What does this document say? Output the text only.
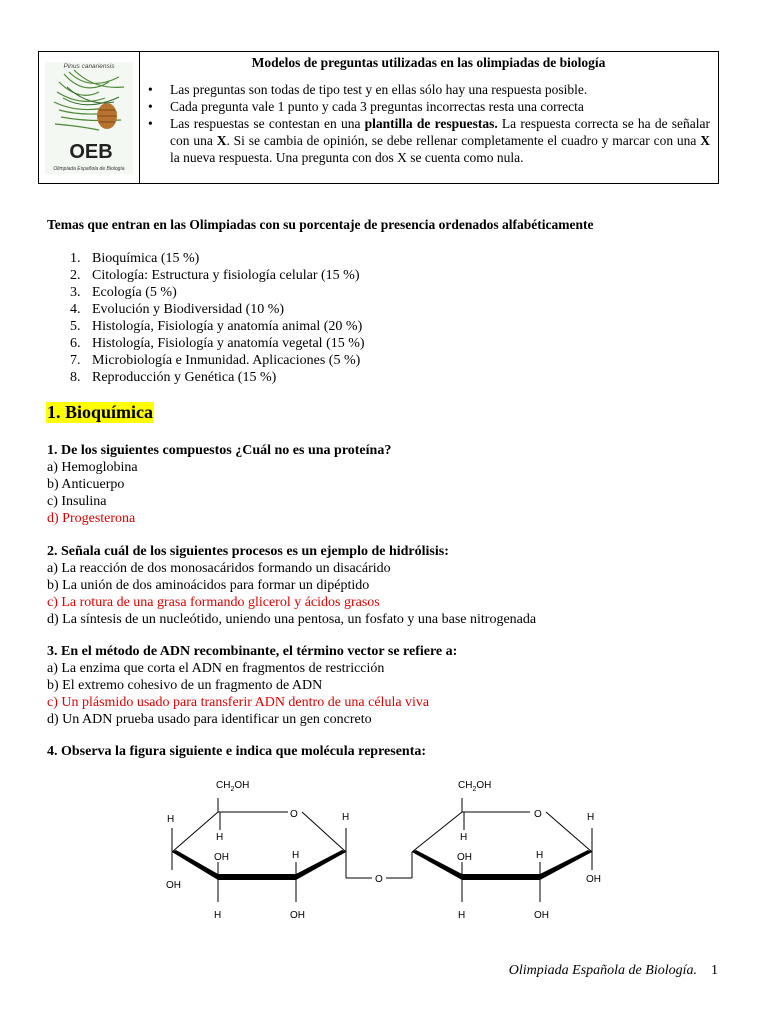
Pinus canariensis
OEB
Olimpiada Española de Biología
Modelos de preguntas utilizadas en las olimpiadas de biología
• Las preguntas son todas de tipo test y en ellas sólo hay una respuesta posible.
• Cada pregunta vale 1 punto y cada 3 preguntas incorrectas resta una correcta
• Las respuestas se contestan en una plantilla de respuestas. La respuesta correcta se ha de señalar con una X. Si se cambia de opinión, se debe rellenar completamente el cuadro y marcar con una X la nueva respuesta. Una pregunta con dos X se cuenta como nula.
Temas que entran en las Olimpiadas con su porcentaje de presencia ordenados alfabéticamente
1. Bioquímica (15 %)
2. Citología: Estructura y fisiología celular (15 %)
3. Ecología (5 %)
4. Evolución y Biodiversidad (10 %)
5. Histología, Fisiología y anatomía animal (20 %)
6. Histología, Fisiología y anatomía vegetal (15 %)
7. Microbiología e Inmunidad. Aplicaciones (5 %)
8. Reproducción y Genética (15 %)
1. Bioquímica
1. De los siguientes compuestos ¿Cuál no es una proteína?
a) Hemoglobina
b) Anticuerpo
c) Insulina
d) Progesterona
2. Señala cuál de los siguientes procesos es un ejemplo de hidrólisis:
a) La reacción de dos monosacáridos formando un disacárido
b) La unión de dos aminoácidos para formar un dipéptido
c) La rotura de una grasa formando glicerol y ácidos grasos
d) La síntesis de un nucleótido, uniendo una pentosa, un fosfato y una base nitrogenada
3. En el método de ADN recombinante, el término vector se refiere a:
a) La enzima que corta el ADN en fragmentos de restricción
b) El extremo cohesivo de un fragmento de ADN
c) Un plásmido usado para transferir ADN dentro de una célula viva
d) Un ADN prueba usado para identificar un gen concreto
4. Observa la figura siguiente e indica que molécula representa:
$CH_2OH$
O
H
H
H
OH	H
OH
H	OH
O
$CH_2OH$
O
H
H
OH	H
OH
H	OH
Olimpiada Española de Biología. 1
